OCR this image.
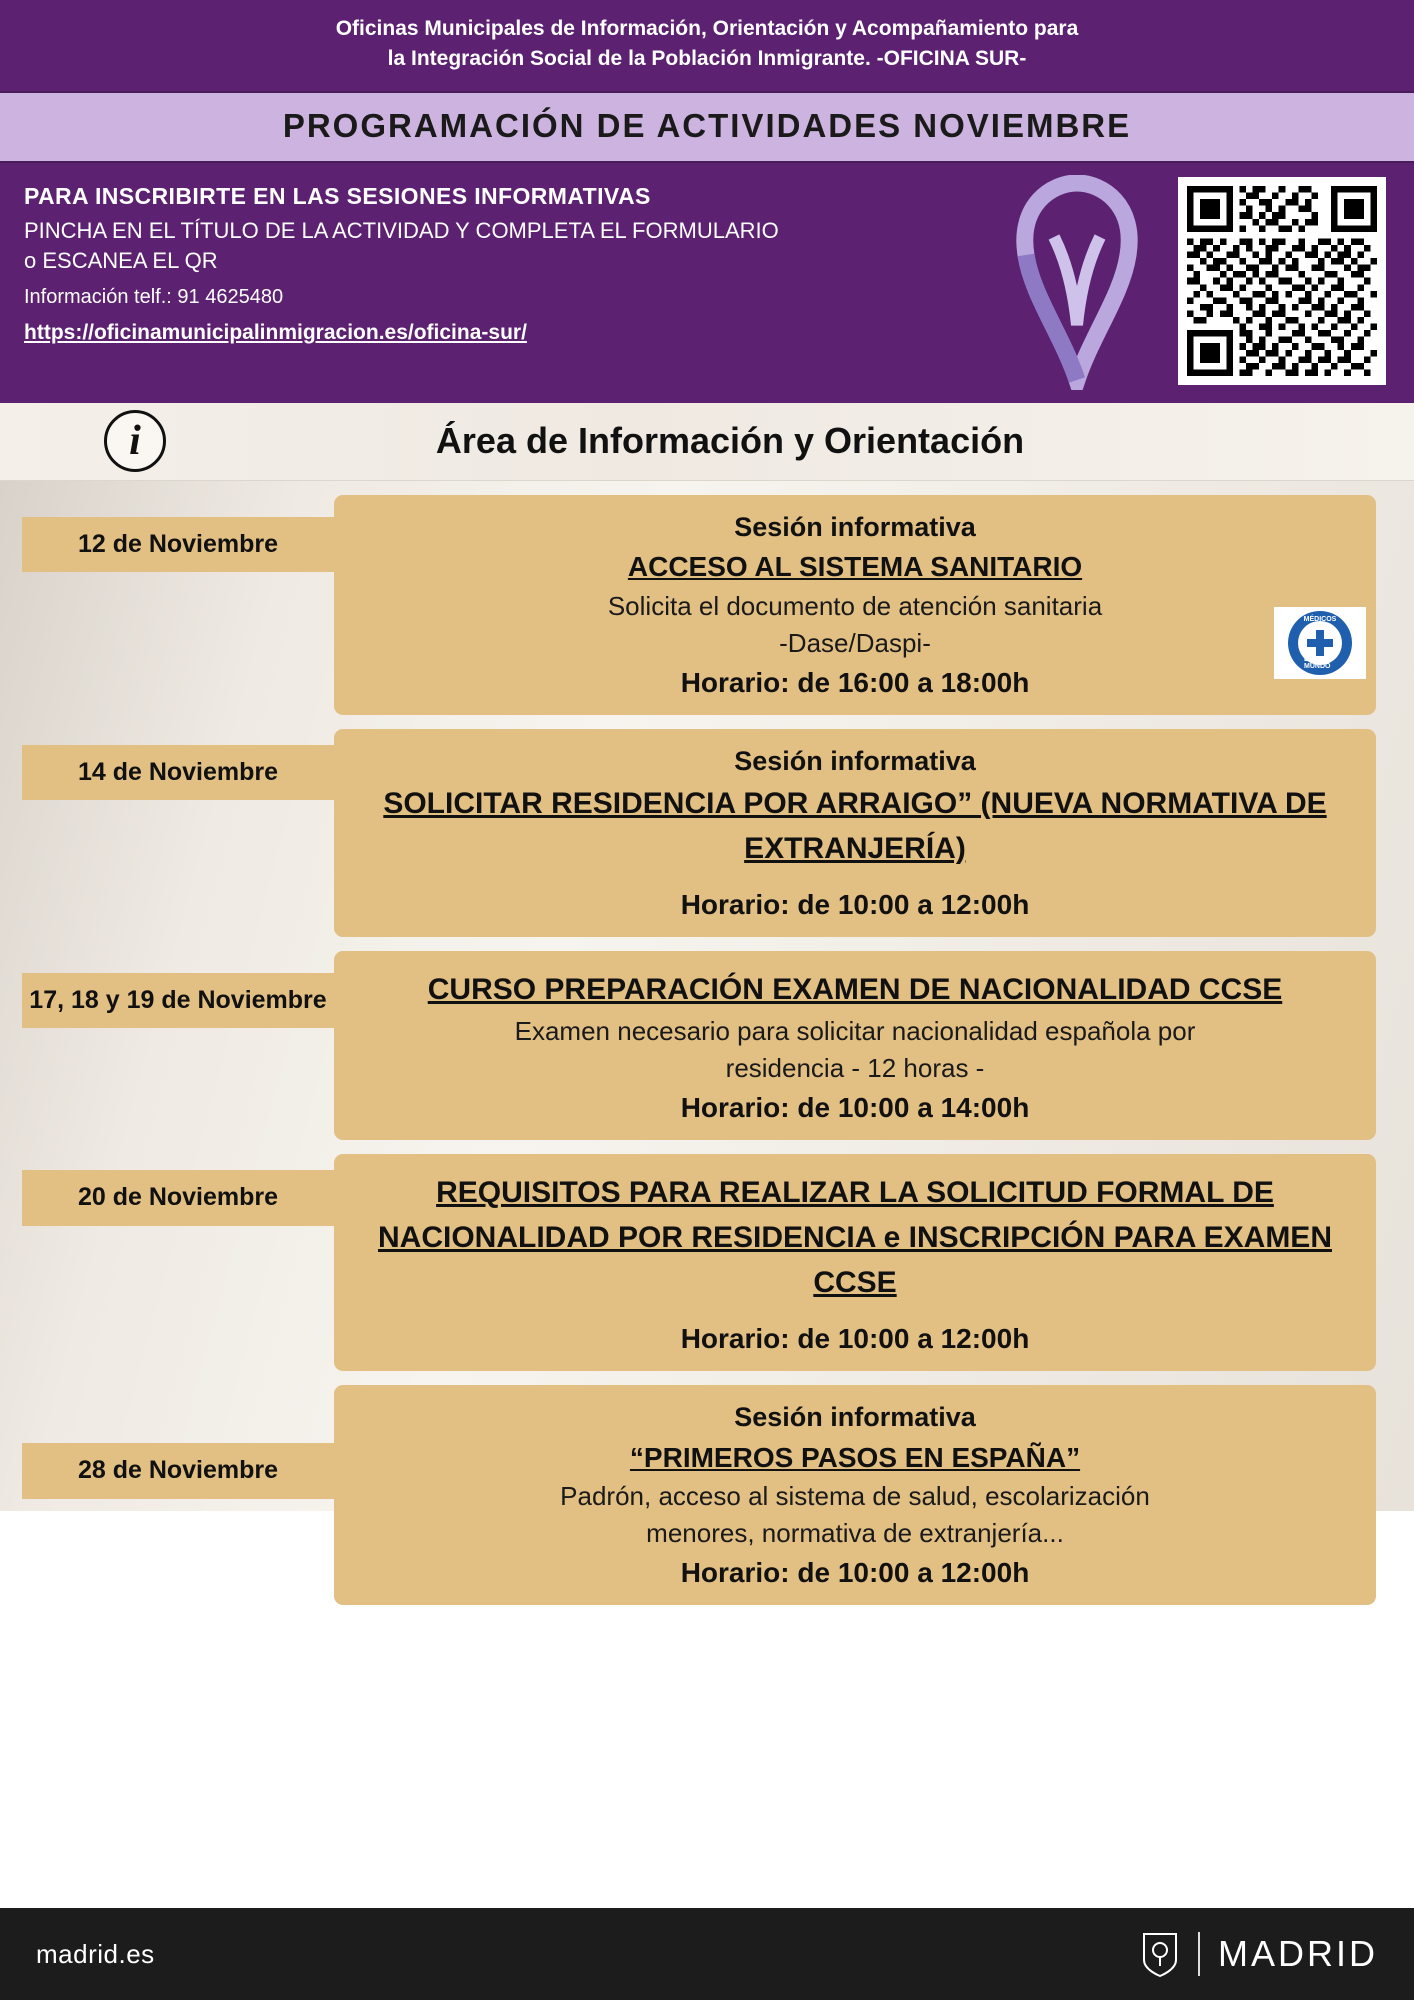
Oficinas Municipales de Información, Orientación y Acompañamiento para
la Integración Social de la Población Inmigrante. -OFICINA SUR-
PROGRAMACIÓN DE ACTIVIDADES NOVIEMBRE
PARA INSCRIBIRTE EN LAS SESIONES INFORMATIVAS
PINCHA EN EL TÍTULO DE LA ACTIVIDAD Y COMPLETA EL FORMULARIO
o ESCANEA EL QR
Información telf.: 91 4625480
https://oficinamunicipalinmigracion.es/oficina-sur/
i	Área de Información y Orientación
12 de Noviembre
Sesión informativa
ACCESO AL SISTEMA SANITARIO
Solicita el documento de atención sanitaria
-Dase/Daspi-
Horario: de 16:00 a 18:00h
MÉDICOS
DEL MUNDO
14 de Noviembre	Sesión informativa
SOLICITAR RESIDENCIA POR ARRAIGO” (NUEVA NORMATIVA DE EXTRANJERÍA)
Horario: de 10:00 a 12:00h
17, 18 y 19 de Noviembre	CURSO PREPARACIÓN EXAMEN DE NACIONALIDAD CCSE
Examen necesario para solicitar nacionalidad española por
residencia - 12 horas -
Horario: de 10:00 a 14:00h
20 de Noviembre	REQUISITOS PARA REALIZAR LA SOLICITUD FORMAL DE NACIONALIDAD POR RESIDENCIA e INSCRIPCIÓN PARA EXAMEN CCSE
Horario: de 10:00 a 12:00h
28 de Noviembre
Sesión informativa
“PRIMEROS PASOS EN ESPAÑA”
Padrón, acceso al sistema de salud, escolarización
menores, normativa de extranjería...
Horario: de 10:00 a 12:00h
madrid.es	MADRID
